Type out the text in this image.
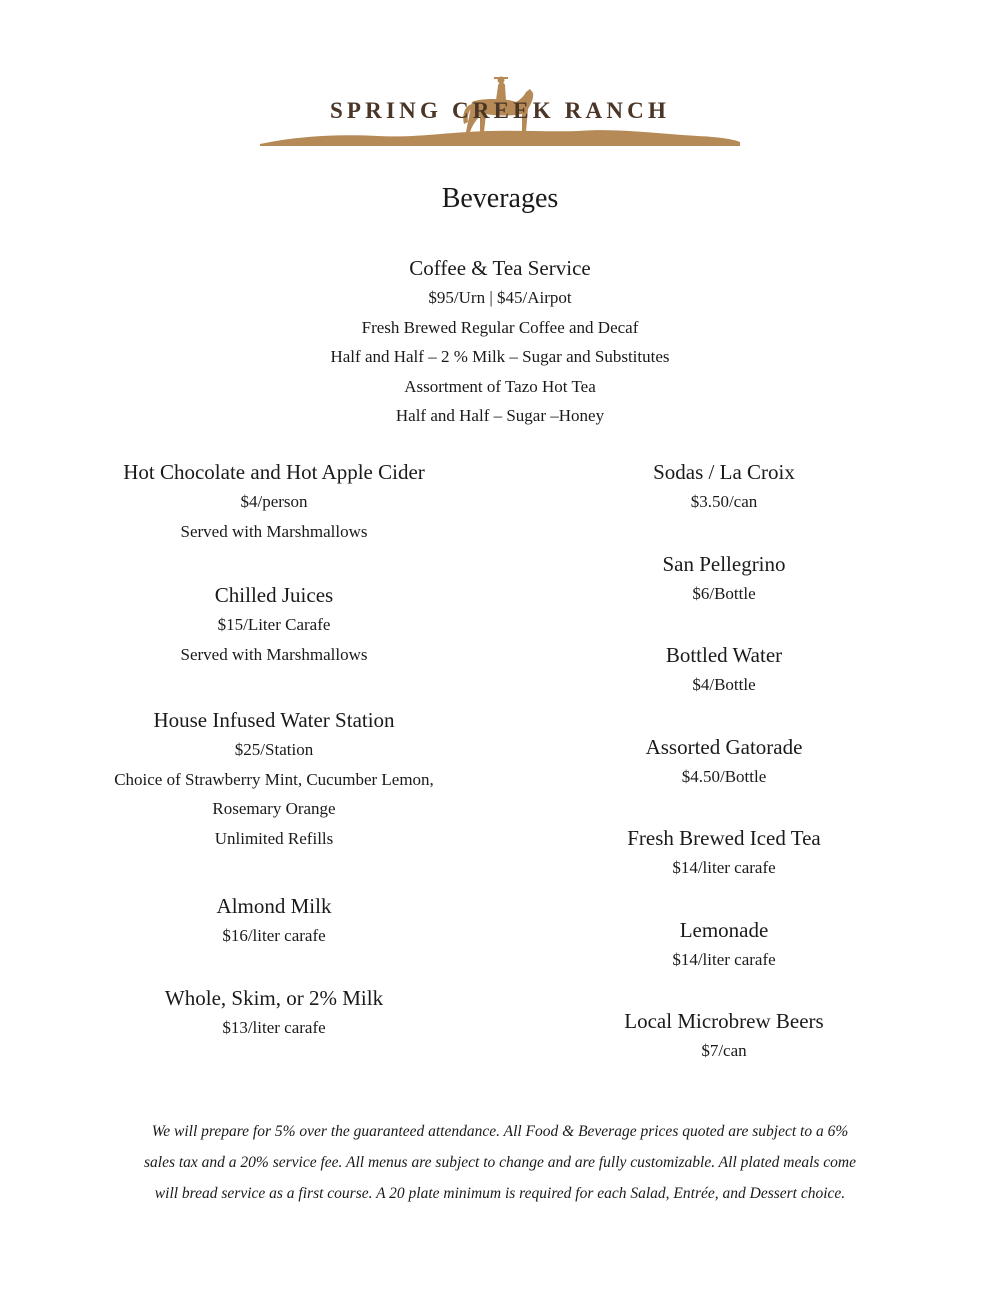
SPRING CREEK RANCH
Beverages
Coffee & Tea Service
$95/Urn | $45/Airpot
Fresh Brewed Regular Coffee and Decaf
Half and Half – 2 % Milk – Sugar and Substitutes
Assortment of Tazo Hot Tea
Half and Half – Sugar –Honey
Hot Chocolate and Hot Apple Cider
$4/person
Served with Marshmallows
Chilled Juices
$15/Liter Carafe
Served with Marshmallows
House Infused Water Station
$25/Station
Choice of Strawberry Mint, Cucumber Lemon,
Rosemary Orange
Unlimited Refills
Almond Milk
$16/liter carafe
Whole, Skim, or 2% Milk
$13/liter carafe
Sodas / La Croix
$3.50/can
San Pellegrino
$6/Bottle
Bottled Water
$4/Bottle
Assorted Gatorade
$4.50/Bottle
Fresh Brewed Iced Tea
$14/liter carafe
Lemonade
$14/liter carafe
Local Microbrew Beers
$7/can
We will prepare for 5% over the guaranteed attendance. All Food & Beverage prices quoted are subject to a 6%
sales tax and a 20% service fee. All menus are subject to change and are fully customizable. All plated meals come
will bread service as a first course. A 20 plate minimum is required for each Salad, Entrée, and Dessert choice.
